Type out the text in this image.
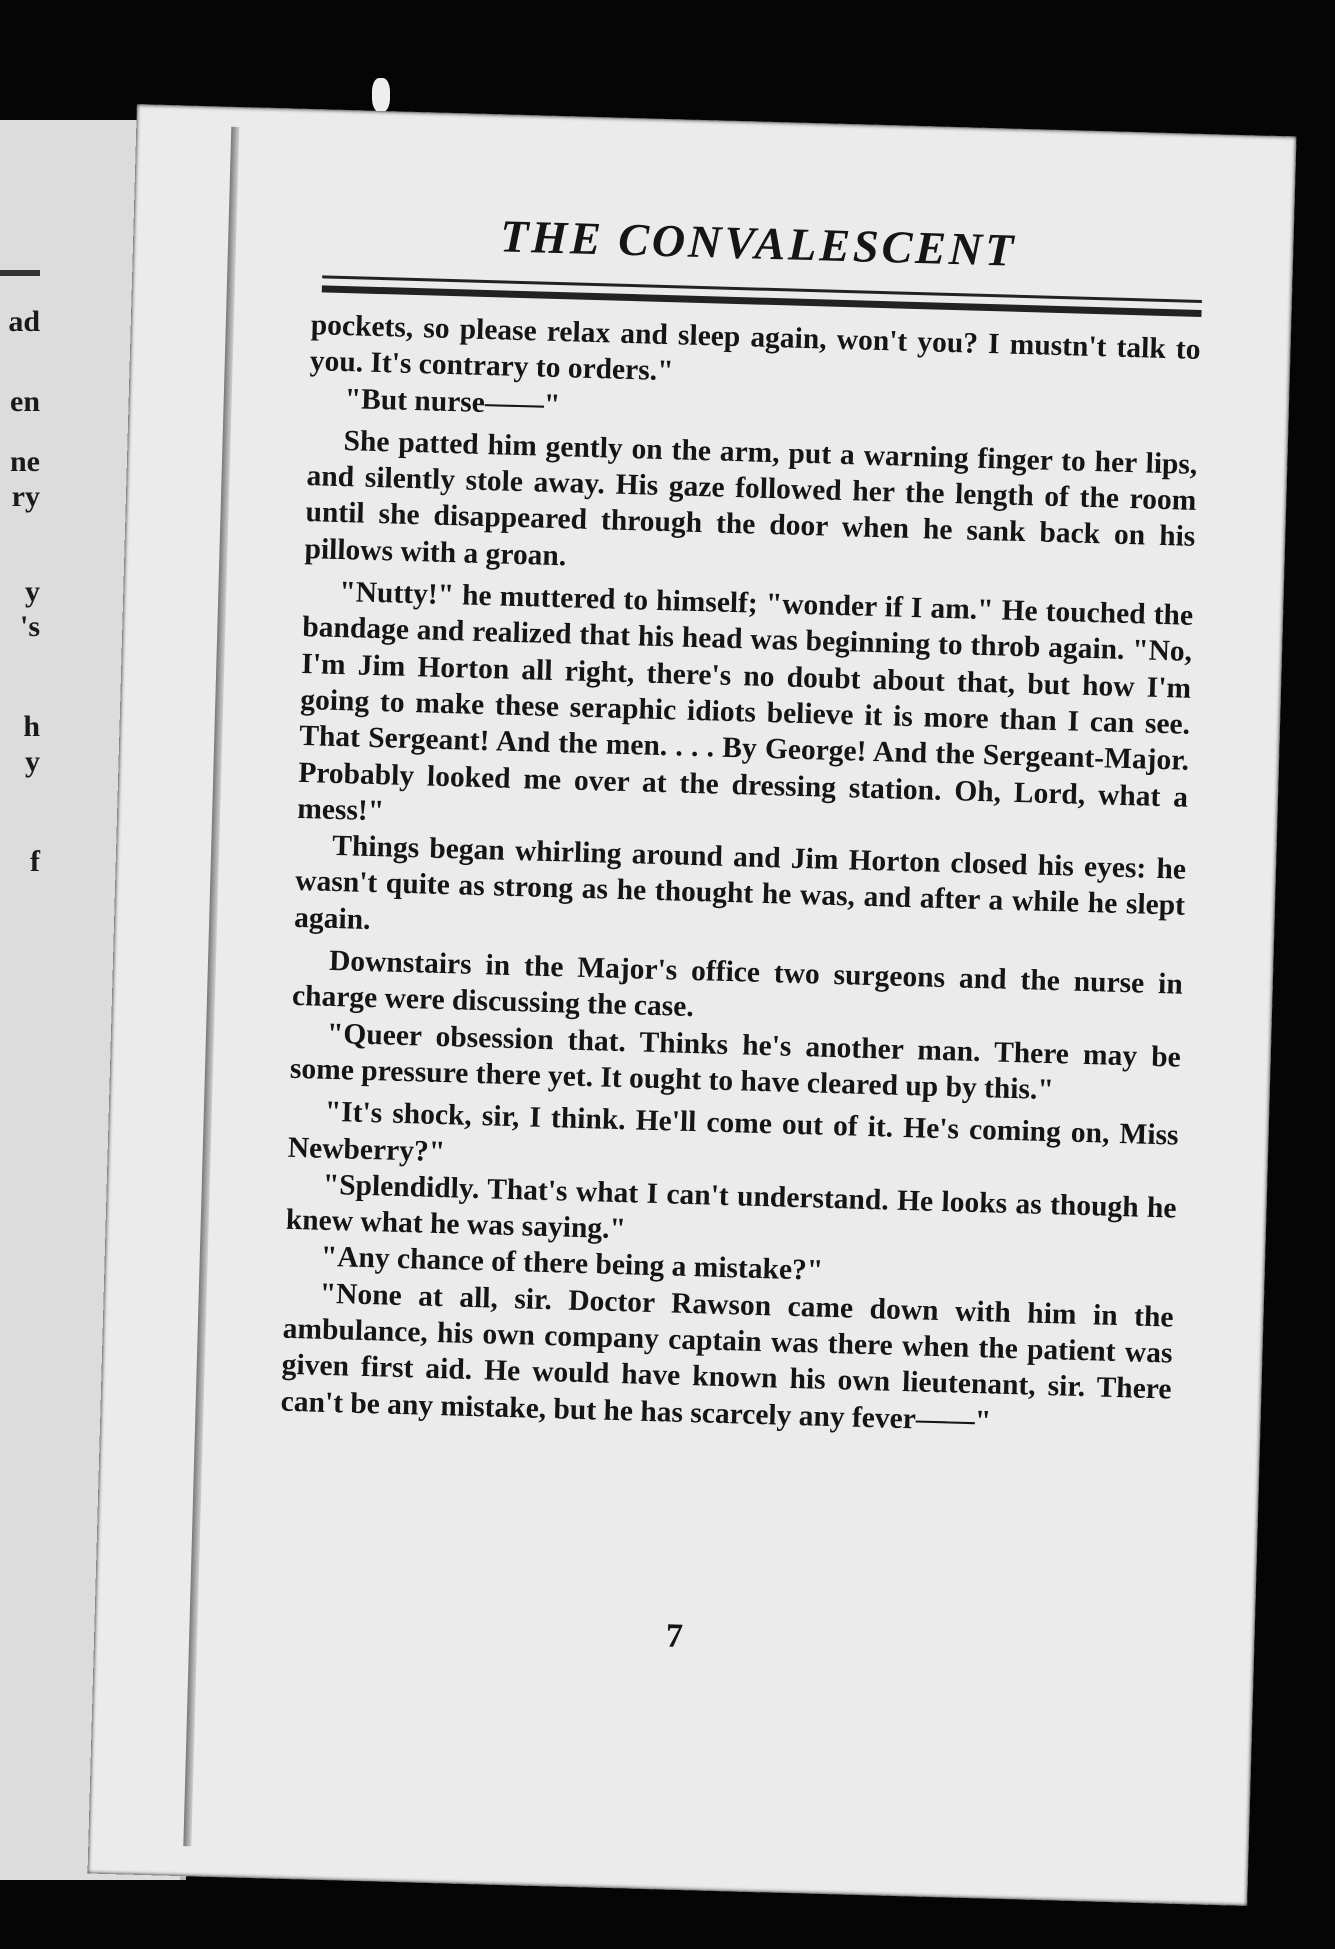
ad
en
ne
ry
y
's
h
y
f
THE CONVALESCENT

pockets, so please relax and sleep again, won't you? I mustn't talk to you. It's contrary to orders."

"But nurse——"

She patted him gently on the arm, put a warning finger to her lips, and silently stole away. His gaze followed her the length of the room until she disappeared through the door when he sank back on his pillows with a groan.

"Nutty!" he muttered to himself; "wonder if I am." He touched the bandage and realized that his head was beginning to throb again. "No, I'm Jim Horton all right, there's no doubt about that, but how I'm going to make these seraphic idiots believe it is more than I can see. That Sergeant! And the men. . . . By George! And the Sergeant-Major. Probably looked me over at the dressing station. Oh, Lord, what a mess!"

Things began whirling around and Jim Horton closed his eyes: he wasn't quite as strong as he thought he was, and after a while he slept again.

Downstairs in the Major's office two surgeons and the nurse in charge were discussing the case.

"Queer obsession that. Thinks he's another man. There may be some pressure there yet. It ought to have cleared up by this."

"It's shock, sir, I think. He'll come out of it. He's coming on, Miss Newberry?"

"Splendidly. That's what I can't understand. He looks as though he knew what he was saying."

"Any chance of there being a mistake?"

"None at all, sir. Doctor Rawson came down with him in the ambulance, his own company captain was there when the patient was given first aid. He would have known his own lieutenant, sir. There can't be any mistake, but he has scarcely any fever——"

7
